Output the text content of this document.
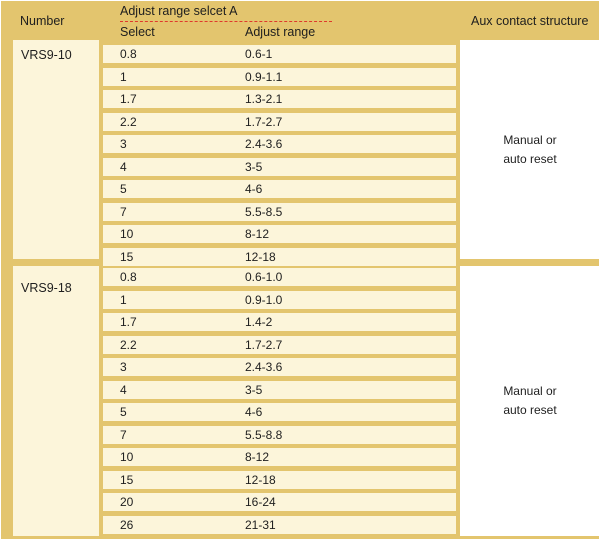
Number
Adjust range selcet A
Select	Adjust range
Aux contact structure
VRS9-10	0.8	0.6-1
1	0.9-1.1
1.7	1.3-2.1
2.2	1.7-2.7
3	2.4-3.6
4	3-5
5	4-6
7	5.5-8.5
10	8-12
15	12-18
Manual or
auto reset
VRS9-18
0.8	0.6-1.0
1	0.9-1.0
1.7	1.4-2
2.2	1.7-2.7
3	2.4-3.6
4	3-5
5	4-6
7	5.5-8.8
10	8-12
15	12-18
20	16-24
26	21-31
Manual or
auto reset
